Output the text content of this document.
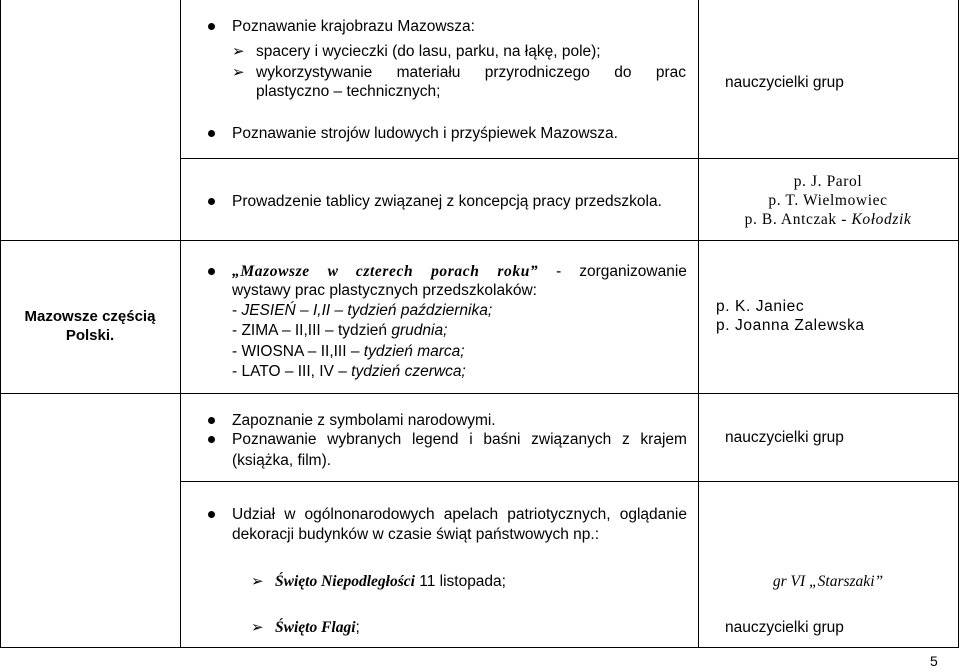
Poznawanie krajobrazu Mazowsza:
➢ spacery i wycieczki (do lasu, parku, na łąkę, pole);
➢ wykorzystywanie materiału przyrodniczego do prac
plastyczno – technicznych;
nauczycielki grup
Poznawanie strojów ludowych i przyśpiewek Mazowsza.
Prowadzenie tablicy związanej z koncepcją pracy przedszkola.
p. J. Parol
p. T. Wielmowiec
p. B. Antczak - Kołodzik
Mazowsze częścią
Polski.
„Mazowsze w czterech porach roku” - zorganizowanie
wystawy prac plastycznych przedszkolaków:
- JESIEŃ – I,II – tydzień października;
- ZIMA – II,III – tydzień grudnia;
- WIOSNA – II,III – tydzień marca;
- LATO – III, IV – tydzień czerwca;
p. K. Janiec
p. Joanna Zalewska
Zapoznanie z symbolami narodowymi.
Poznawanie wybranych legend i baśni związanych z krajem
(książka, film).
nauczycielki grup
Udział w ogólnonarodowych apelach patriotycznych, oglądanie
dekoracji budynków w czasie świąt państwowych np.:
➢ Święto Niepodległości 11 listopada;	gr VI „Starszaki”
➢ Święto Flagi;	nauczycielki grup
5
